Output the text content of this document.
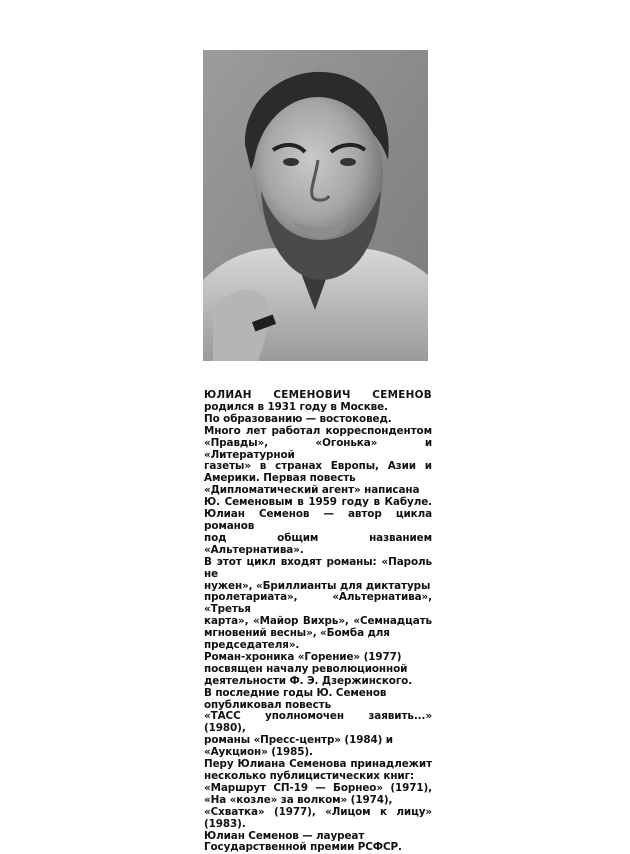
ЮЛИАН СЕМЕНОВИЧ СЕМЕНОВ
родился в 1931 году в Москве.
По образованию — востоковед.
Много лет работал корреспондентом
«Правды», «Огонька» и «Литературной
газеты» в странах Европы, Азии и
Америки. Первая повесть
«Дипломатический агент» написана
Ю. Семеновым в 1959 году в Кабуле.
Юлиан Семенов — автор цикла романов
под общим названием «Альтернатива».
В этот цикл входят романы: «Пароль не
нужен», «Бриллианты для диктатуры
пролетариата», «Альтернатива», «Третья
карта», «Майор Вихрь», «Семнадцать
мгновений весны», «Бомба для
председателя».
Роман-хроника «Горение» (1977)
посвящен началу революционной
деятельности Ф. Э. Дзержинского.
В последние годы Ю. Семенов
опубликовал повесть
«ТАСС уполномочен заявить...» (1980),
романы «Пресс-центр» (1984) и
«Аукцион» (1985).
Перу Юлиана Семенова принадлежит
несколько публицистических книг:
«Маршрут СП-19 — Борнео» (1971),
«На «козле» за волком» (1974),
«Схватка» (1977), «Лицом к лицу» (1983).
Юлиан Семенов — лауреат
Государственной премии РСФСР.
